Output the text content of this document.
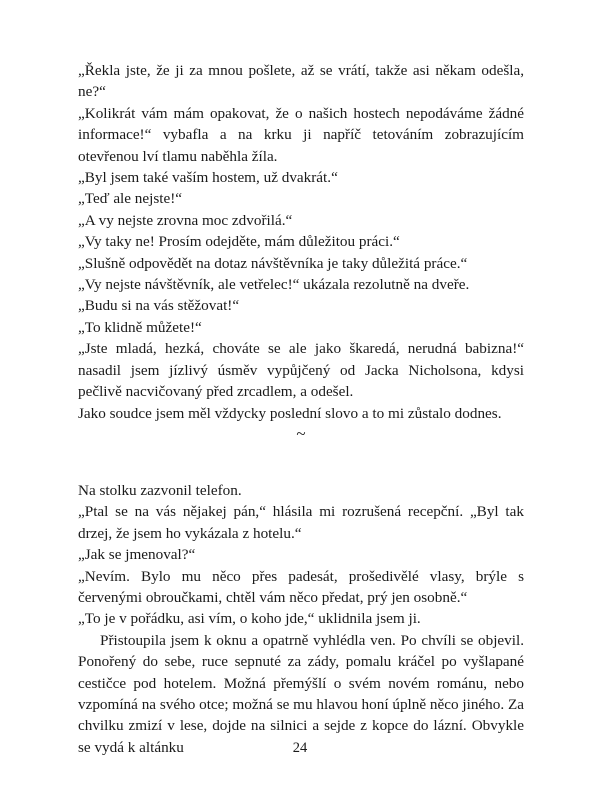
„Řekla jste, že ji za mnou pošlete, až se vrátí, takže asi někam odešla, ne?“

„Kolikrát vám mám opakovat, že o našich hostech nepodáváme žádné informace!“ vybafla a na krku ji napříč tetováním zobrazujícím otevřenou lví tlamu naběhla žíla.

„Byl jsem také vaším hostem, už dvakrát.“

„Teď ale nejste!“

„A vy nejste zrovna moc zdvořilá.“

„Vy taky ne! Prosím odejděte, mám důležitou práci.“

„Slušně odpovědět na dotaz návštěvníka je taky důležitá práce.“

„Vy nejste návštěvník, ale vetřelec!“ ukázala rezolutně na dveře.

„Budu si na vás stěžovat!“

„To klidně můžete!“

„Jste mladá, hezká, chováte se ale jako škaredá, nerudná babizna!“ nasadil jsem jízlivý úsměv vypůjčený od Jacka Nicholsona, kdysi pečlivě nacvičovaný před zrcadlem, a odešel.

Jako soudce jsem měl vždycky poslední slovo a to mi zůstalo dodnes.

~

Na stolku zazvonil telefon.

„Ptal se na vás nějakej pán,“ hlásila mi rozrušená recepční. „Byl tak drzej, že jsem ho vykázala z hotelu.“

„Jak se jmenoval?“

„Nevím. Bylo mu něco přes padesát, prošedivělé vlasy, brýle s červenými obroučkami, chtěl vám něco předat, prý jen osobně.“

„To je v pořádku, asi vím, o koho jde,“ uklidnila jsem ji.

Přistoupila jsem k oknu a opatrně vyhlédla ven. Po chvíli se objevil. Ponořený do sebe, ruce sepnuté za zády, pomalu kráčel po vyšlapané cestičce pod hotelem. Možná přemýšlí o svém novém románu, nebo vzpomíná na svého otce; možná se mu hlavou honí úplně něco jiného. Za chvilku zmizí v lese, dojde na silnici a sejde z kopce do lázní. Obvykle se vydá k altánku	24
